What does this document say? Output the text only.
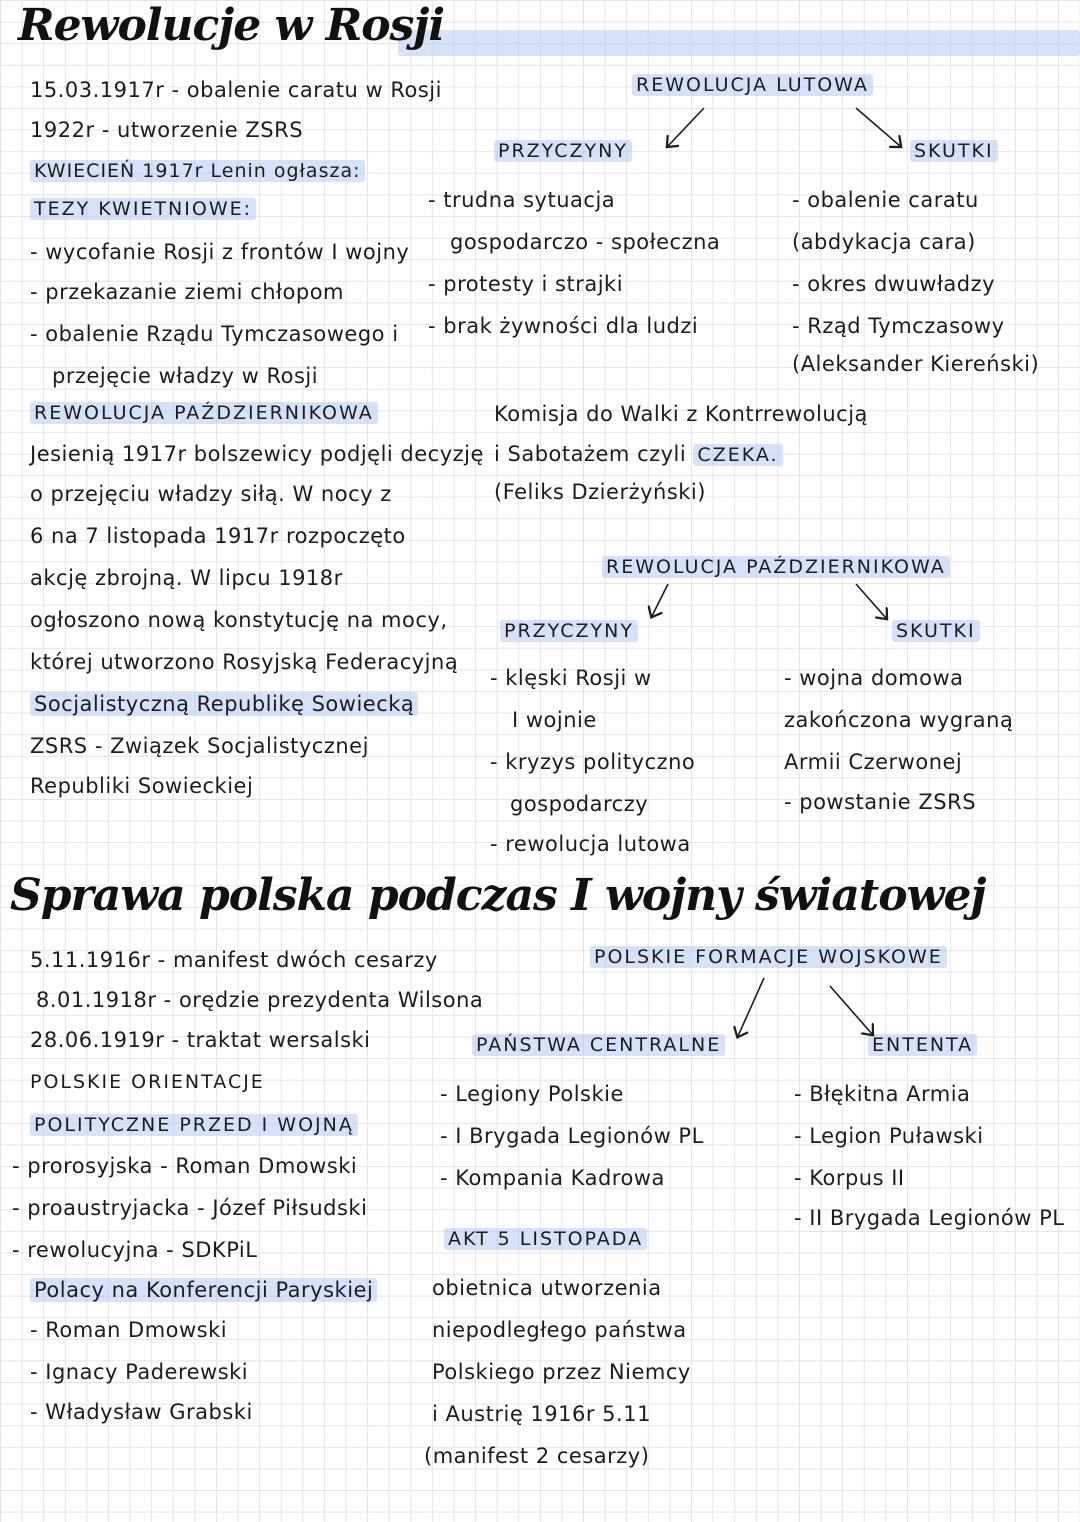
Rewolucje w Rosji
15.03.1917r - obalenie caratu w Rosji
1922r - utworzenie ZSRS
KWIECIEŃ 1917r Lenin ogłasza:
TEZY KWIETNIOWE:
- wycofanie Rosji z frontów I wojny
- przekazanie ziemi chłopom
- obalenie Rządu Tymczasowego i
przejęcie władzy w Rosji
REWOLUCJA PAŹDZIERNIKOWA
Jesienią 1917r bolszewicy podjęli decyzję
o przejęciu władzy siłą. W nocy z
6 na 7 listopada 1917r rozpoczęto
akcję zbrojną. W lipcu 1918r
ogłoszono nową konstytucję na mocy,
której utworzono Rosyjską Federacyjną
Socjalistyczną Republikę Sowiecką
ZSRS - Związek Socjalistycznej
Republiki Sowieckiej
REWOLUCJA LUTOWA
PRZYCZYNY	SKUTKI
- trudna sytuacja
gospodarczo - społeczna
- protesty i strajki
- brak żywności dla ludzi
- obalenie caratu
(abdykacja cara)
- okres dwuwładzy
- Rząd Tymczasowy
(Aleksander Kiereński)
Komisja do Walki z Kontrrewolucją
i Sabotażem czyli CZEKA.
(Feliks Dzierżyński)
REWOLUCJA PAŹDZIERNIKOWA
PRZYCZYNY	SKUTKI
- klęski Rosji w
I wojnie
- kryzys polityczno
gospodarczy
- rewolucja lutowa
- wojna domowa
zakończona wygraną
Armii Czerwonej
- powstanie ZSRS
Sprawa polska podczas I wojny światowej
5.11.1916r - manifest dwóch cesarzy
8.01.1918r - orędzie prezydenta Wilsona
28.06.1919r - traktat wersalski
POLSKIE ORIENTACJE
POLITYCZNE PRZED I WOJNĄ
- prorosyjska - Roman Dmowski
- proaustryjacka - Józef Piłsudski
- rewolucyjna - SDKPiL
Polacy na Konferencji Paryskiej
- Roman Dmowski
- Ignacy Paderewski
- Władysław Grabski
POLSKIE FORMACJE WOJSKOWE
PAŃSTWA CENTRALNE	ENTENTA
- Legiony Polskie
- I Brygada Legionów PL
- Kompania Kadrowa
- Błękitna Armia
- Legion Puławski
- Korpus II
- II Brygada Legionów PL
AKT 5 LISTOPADA
obietnica utworzenia
niepodległego państwa
Polskiego przez Niemcy
i Austrię 1916r 5.11
(manifest 2 cesarzy)
